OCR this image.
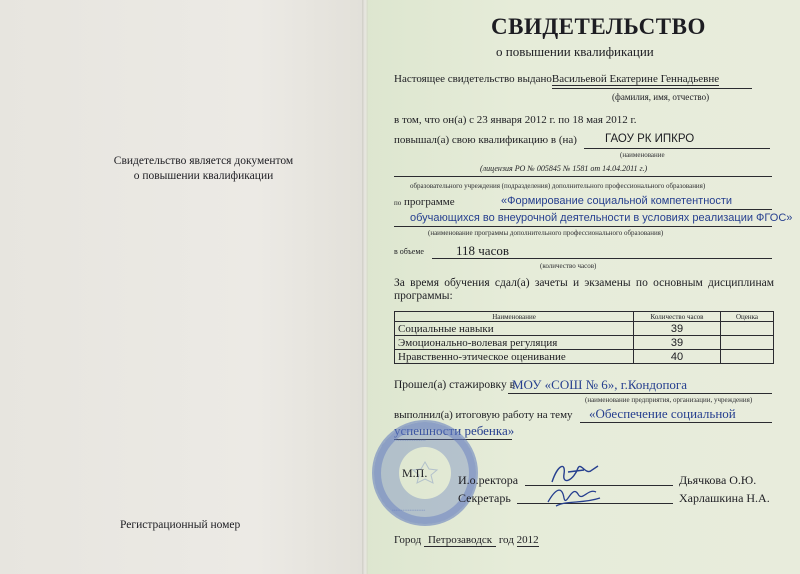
Свидетельство является документом
о повышении квалификации
Регистрационный номер
СВИДЕТЕЛЬСТВО
о повышении квалификации
Настоящее свидетельство выданоВасильевой Екатерине Геннадьевне
(фамилия, имя, отчество)
в том, что он(а) с 23 января 2012 г. по 18 мая 2012 г.
повышал(а) свою квалификацию в (на) ГАОУ РК ИПКРО
(наименование
(лицензия РО № 005845 № 1581 от 14.04.2011 г.)
образовательного учреждения (подразделения) дополнительного профессионального образования)
по программе	«Формирование социальной компетентности
обучающихся во внеурочной деятельности в условиях реализации ФГОС»
(наименование программы дополнительного профессионального образования)
в объеме 118 часов
(количество часов)
За время обучения сдал(а) зачеты и экзамены по основным дисциплинам программы:
Наименование	Количество часов	Оценка
Социальные навыки	39	
Эмоционально-волевая регуляция	39	
Нравственно-этическое оценивание	40	
Прошел(а) стажировку в
МОУ «СОШ № 6», г.Кондопога
(наименование предприятия, организации, учреждения)
выполнил(а) итоговую работу на тему «Обеспечение социальной
успешности ребенка»
•••••••••••••••••
•••••••••••••••••••
М.П.	И.о.ректора	Дьячкова О.Ю.
Секретарь	Харлашкина Н.А.
Город Петрозаводск год 2012
